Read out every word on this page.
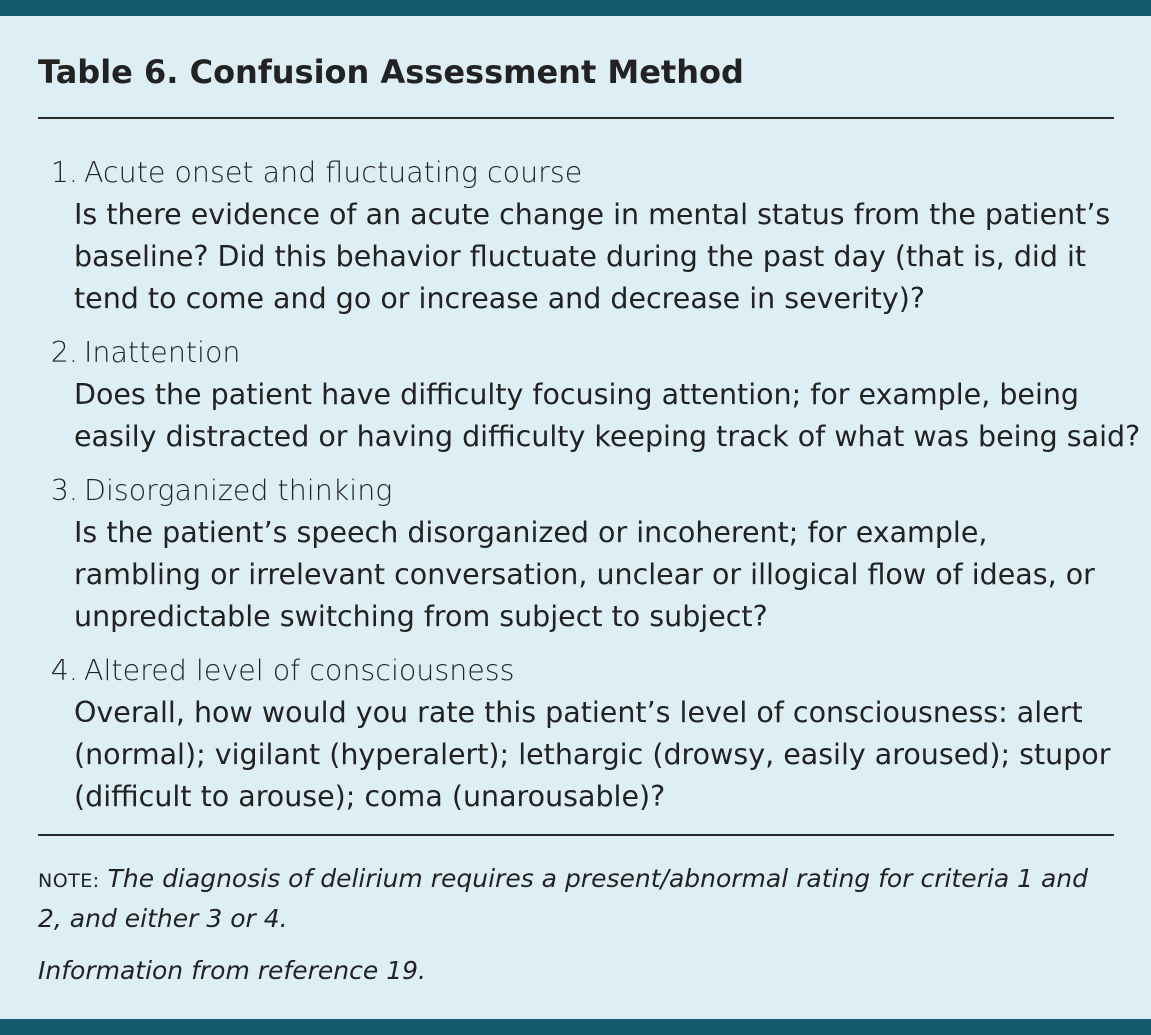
Table 6. Confusion Assessment Method
1. Acute onset and fluctuating course
Is there evidence of an acute change in mental status from the patient’s
baseline? Did this behavior fluctuate during the past day (that is, did it
tend to come and go or increase and decrease in severity)?
2. Inattention
Does the patient have difficulty focusing attention; for example, being
easily distracted or having difficulty keeping track of what was being said?
3. Disorganized thinking
Is the patient’s speech disorganized or incoherent; for example,
rambling or irrelevant conversation, unclear or illogical flow of ideas, or
unpredictable switching from subject to subject?
4. Altered level of consciousness
Overall, how would you rate this patient’s level of consciousness: alert
(normal); vigilant (hyperalert); lethargic (drowsy, easily aroused); stupor
(difficult to arouse); coma (unarousable)?
NOTE: The diagnosis of delirium requires a present/abnormal rating for criteria 1 and
2, and either 3 or 4.
Information from reference 19.
